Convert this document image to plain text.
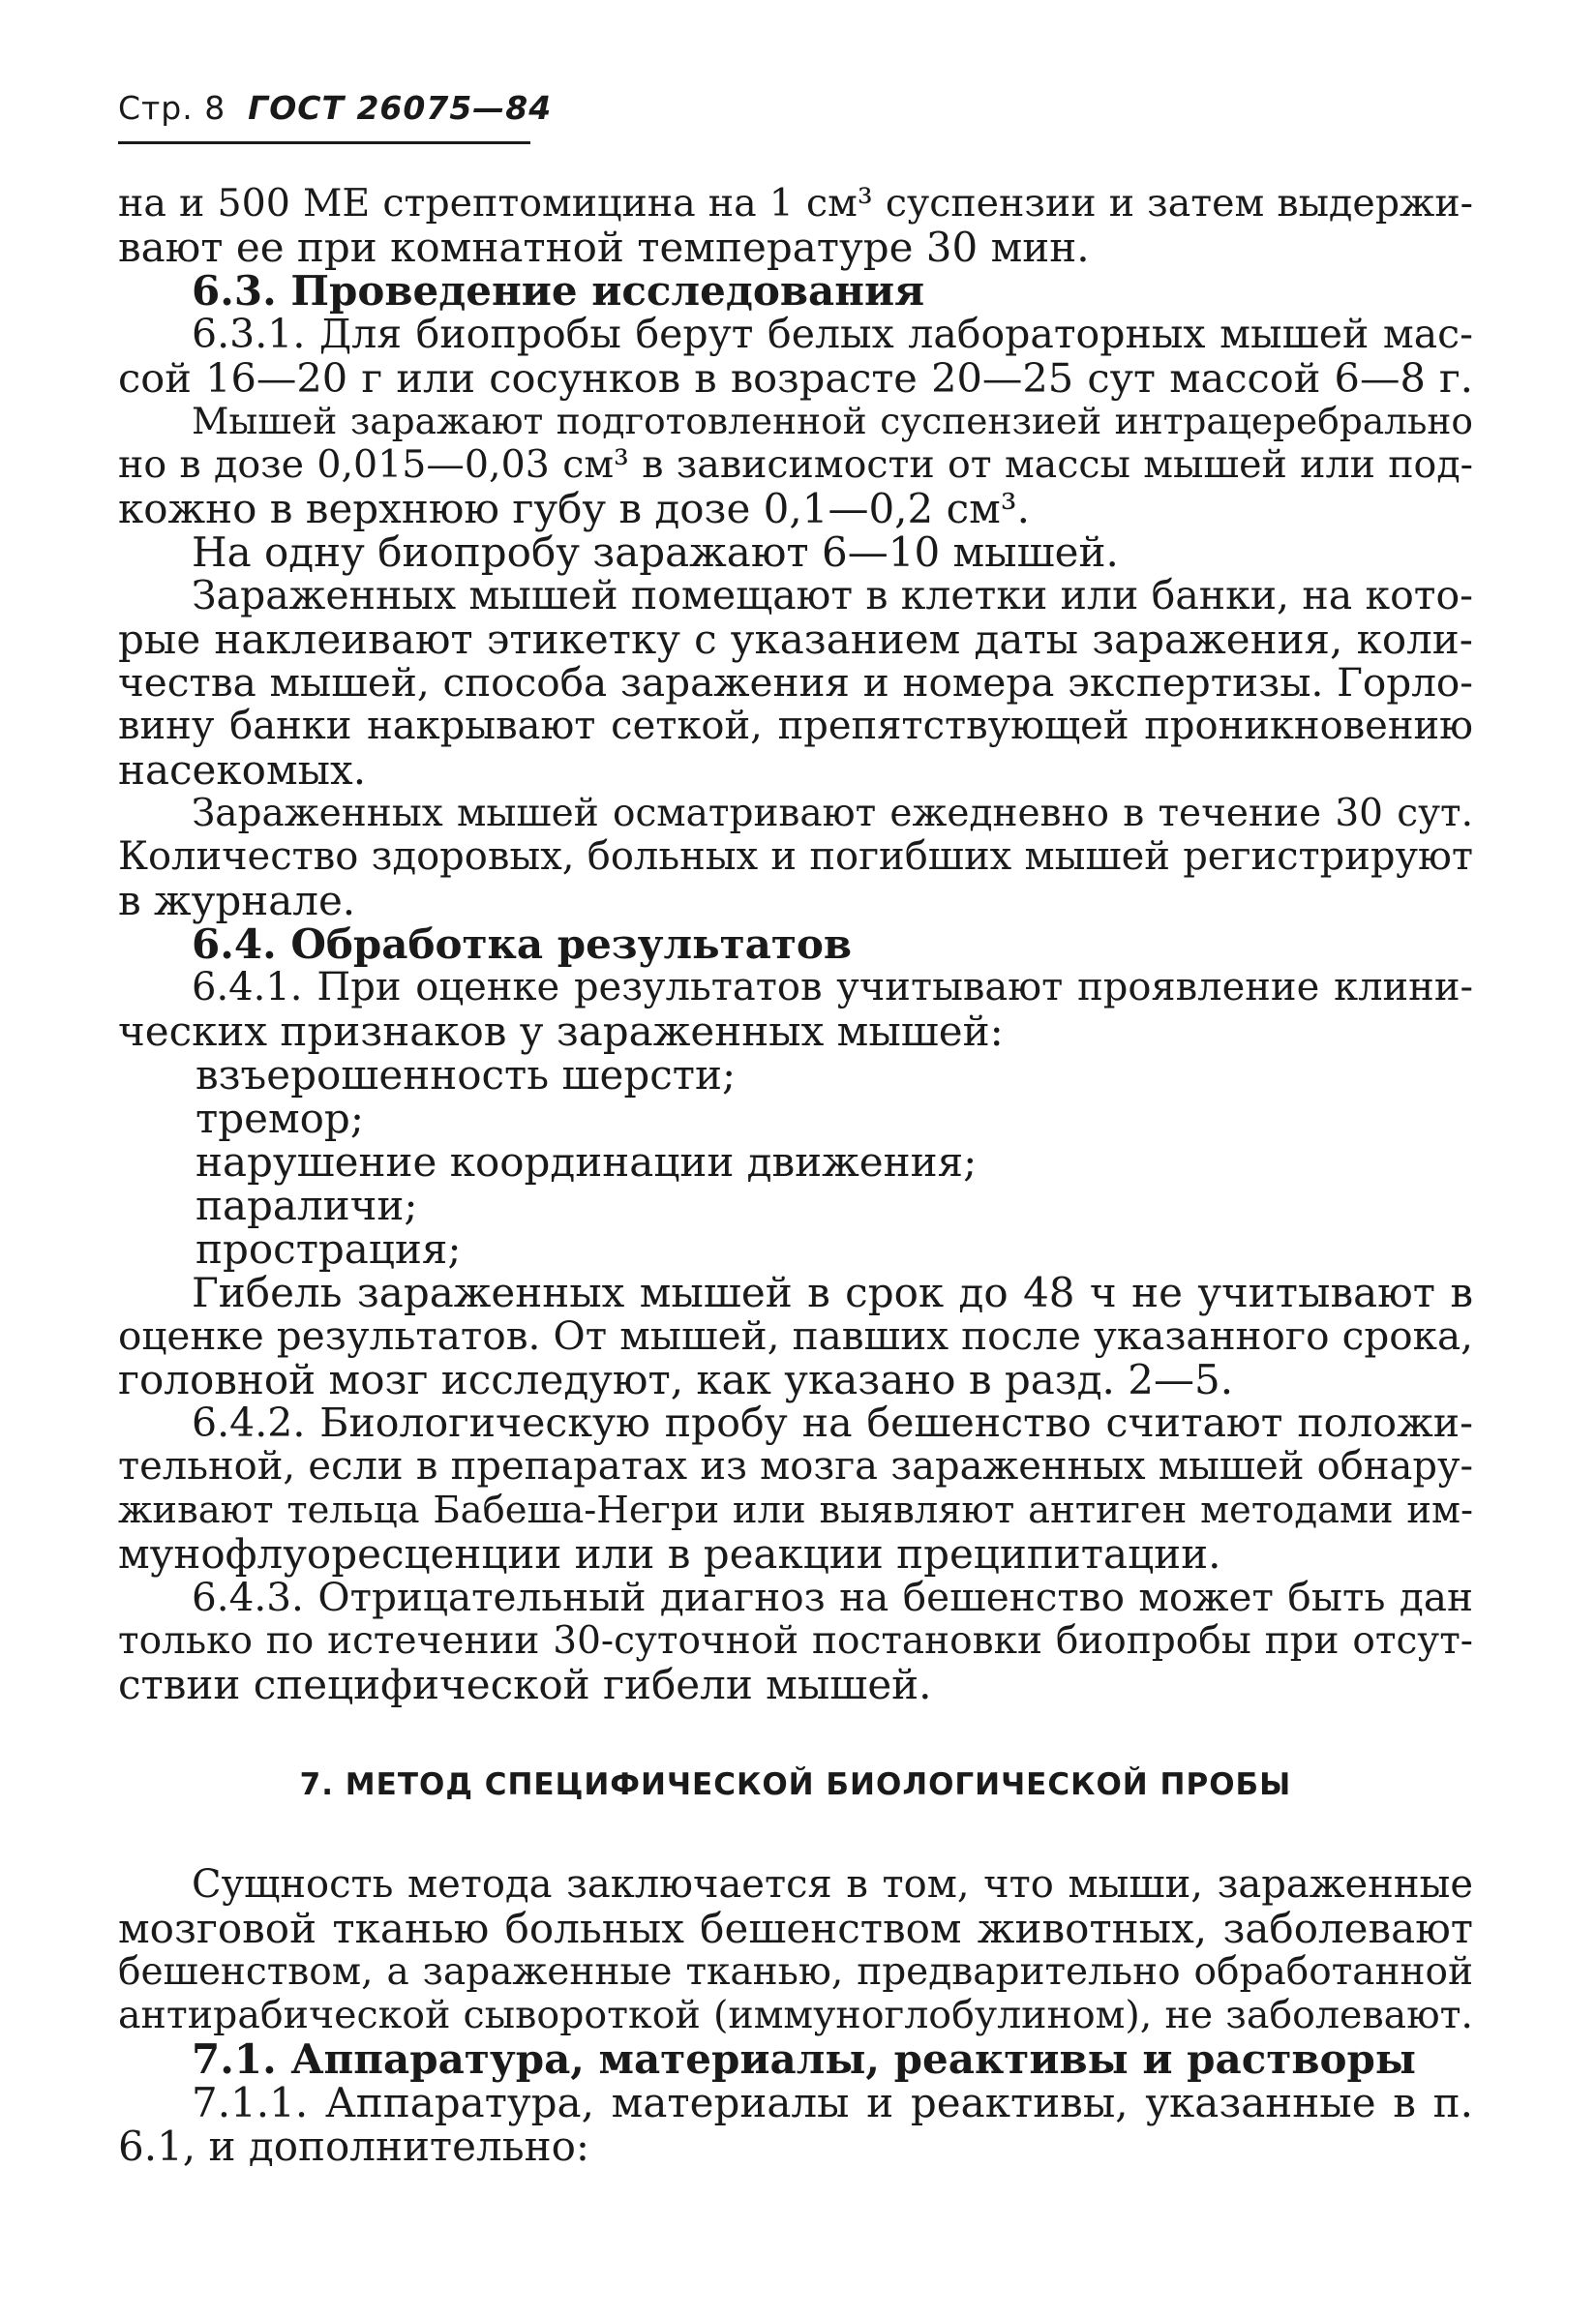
Стр. 8 ГОСТ 26075—84
на и 500 МЕ стрептомицина на 1 см³ суспензии и затем выдержи-
вают ее при комнатной температуре 30 мин.
6.3. Проведение исследования
6.3.1. Для биопробы берут белых лабораторных мышей мас-
сой 16—20 г или сосунков в возрасте 20—25 сут массой 6—8 г.
Мышей заражают подготовленной суспензией интрацеребрально
но в дозе 0,015—0,03 см³ в зависимости от массы мышей или под-
кожно в верхнюю губу в дозе 0,1—0,2 см³.
На одну биопробу заражают 6—10 мышей.
Зараженных мышей помещают в клетки или банки, на кото-
рые наклеивают этикетку с указанием даты заражения, коли-
чества мышей, способа заражения и номера экспертизы. Горло-
вину банки накрывают сеткой, препятствующей проникновению
насекомых.
Зараженных мышей осматривают ежедневно в течение 30 сут.
Количество здоровых, больных и погибших мышей регистрируют
в журнале.
6.4. Обработка результатов
6.4.1. При оценке результатов учитывают проявление клини-
ческих признаков у зараженных мышей:
взъерошенность шерсти;
тремор;
нарушение координации движения;
параличи;
прострация;
Гибель зараженных мышей в срок до 48 ч не учитывают в
оценке результатов. От мышей, павших после указанного срока,
головной мозг исследуют, как указано в разд. 2—5.
6.4.2. Биологическую пробу на бешенство считают положи-
тельной, если в препаратах из мозга зараженных мышей обнару-
живают тельца Бабеша-Негри или выявляют антиген методами им-
мунофлуоресценции или в реакции преципитации.
6.4.3. Отрицательный диагноз на бешенство может быть дан
только по истечении 30-суточной постановки биопробы при отсут-
ствии специфической гибели мышей.
7. МЕТОД СПЕЦИФИЧЕСКОЙ БИОЛОГИЧЕСКОЙ ПРОБЫ
Сущность метода заключается в том, что мыши, зараженные
мозговой тканью больных бешенством животных, заболевают
бешенством, а зараженные тканью, предварительно обработанной
антирабической сывороткой (иммуноглобулином), не заболевают.
7.1. Аппаратура, материалы, реактивы и растворы
7.1.1. Аппаратура, материалы и реактивы, указанные в п.
6.1, и дополнительно:
